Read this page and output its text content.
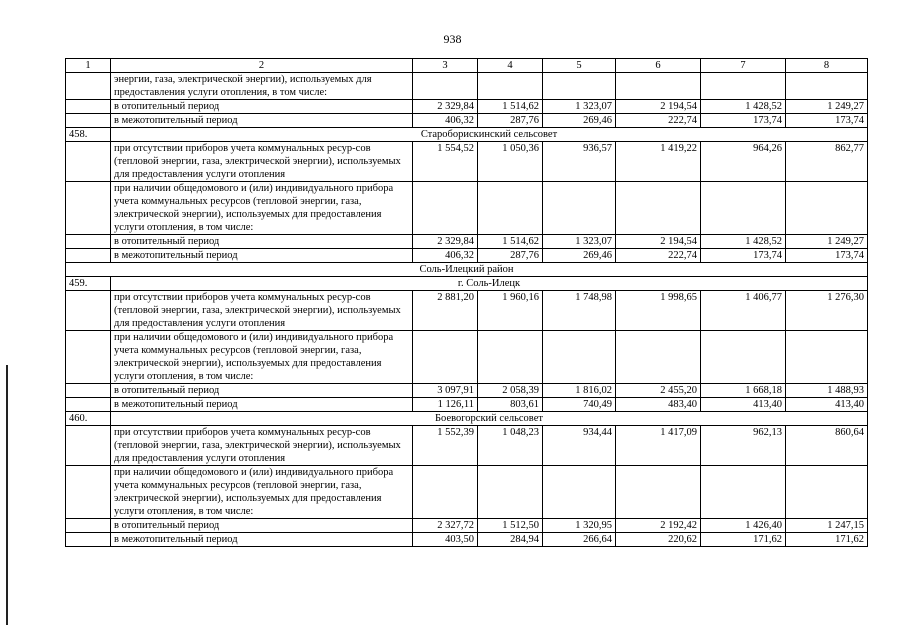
938
1	2	3	4	5	6	7	8
	энергии, газа, электрической энергии), используемых для предоставления услуги отопления, в том числе:						
	в отопительный период	2 329,84	1 514,62	1 323,07	2 194,54	1 428,52	1 249,27
	в межотопительный период	406,32	287,76	269,46	222,74	173,74	173,74
458.	Староборискинский сельсовет						
	при отсутствии приборов учета коммунальных ресур-сов (тепловой энергии, газа, электрической энергии), используемых для предоставления услуги отопления	1 554,52	1 050,36	936,57	1 419,22	964,26	862,77
	при наличии общедомового и (или) индивидуального прибора учета коммунальных ресурсов (тепловой энергии, газа, электрической энергии), используемых для предоставления услуги отопления, в том числе:						
	в отопительный период	2 329,84	1 514,62	1 323,07	2 194,54	1 428,52	1 249,27
	в межотопительный период	406,32	287,76	269,46	222,74	173,74	173,74
Соль-Илецкий район							
459.	г. Соль-Илецк						
	при отсутствии приборов учета коммунальных ресур-сов (тепловой энергии, газа, электрической энергии), используемых для предоставления услуги отопления	2 881,20	1 960,16	1 748,98	1 998,65	1 406,77	1 276,30
	при наличии общедомового и (или) индивидуального прибора учета коммунальных ресурсов (тепловой энергии, газа, электрической энергии), используемых для предоставления услуги отопления, в том числе:						
	в отопительный период	3 097,91	2 058,39	1 816,02	2 455,20	1 668,18	1 488,93
	в межотопительный период	1 126,11	803,61	740,49	483,40	413,40	413,40
460.	Боевогорский сельсовет						
	при отсутствии приборов учета коммунальных ресур-сов (тепловой энергии, газа, электрической энергии), используемых для предоставления услуги отопления	1 552,39	1 048,23	934,44	1 417,09	962,13	860,64
	при наличии общедомового и (или) индивидуального прибора учета коммунальных ресурсов (тепловой энергии, газа, электрической энергии), используемых для предоставления услуги отопления, в том числе:						
	в отопительный период	2 327,72	1 512,50	1 320,95	2 192,42	1 426,40	1 247,15
	в межотопительный период	403,50	284,94	266,64	220,62	171,62	171,62
